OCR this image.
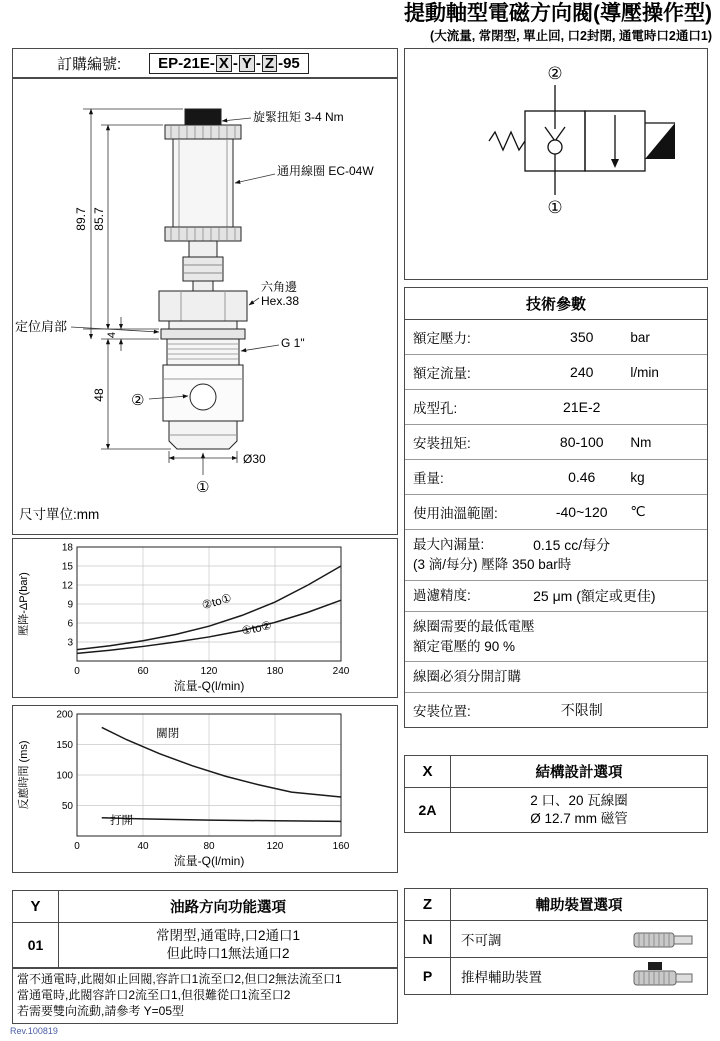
提動軸型電磁方向閥(導壓操作型)
(大流量, 常閉型, 單止回, 口2封閉, 通電時口2通口1)
訂購編號: EP-21E- X - Y - Z -95
旋緊扭矩 3-4 Nm
通用線圈 EC-04W
六角邊
Hex.38
G 1"
定位肩部
89.7 85.7
48
4
Ø30
②
①
尺寸單位:mm
②
①
技術參數
額定壓力:	350	bar
額定流量:	240	l/min
成型孔:	21E-2
安裝扭矩:	80-100	Nm
重量:	0.46	kg
使用油溫範圍:	-40~120	℃
最大內漏量:	0.15 cc/每分
(3 滴/每分) 壓降 350 bar時
過濾精度:	25 μm (額定或更佳)
線圈需要的最低電壓
額定電壓的 90 %
線圈必須分開訂購
安裝位置:	不限制
0	60	120	180	240
3
6
9
12
15
18
流量-Q(l/min)
壓降-ΔP(bar)	②to①
①to②
0	40	80	120	160
50
100
150
200
流量-Q(l/min)
反應時間 (ms)
關閉
打開
X	結構設計選項
2A
2 口、20 瓦線圈
Ø 12.7 mm 磁管
Z	輔助裝置選項
N	不可調
P	推桿輔助裝置
Y	油路方向功能選項
01
常閉型,通電時,口2通口1
但此時口1無法通口2
當不通電時,此閥如止回閥,容許口1流至口2,但口2無法流至口1
當通電時,此閥容許口2流至口1,但很難從口1流至口2
若需要雙向流動,請參考 Y=05型
Rev.100819
